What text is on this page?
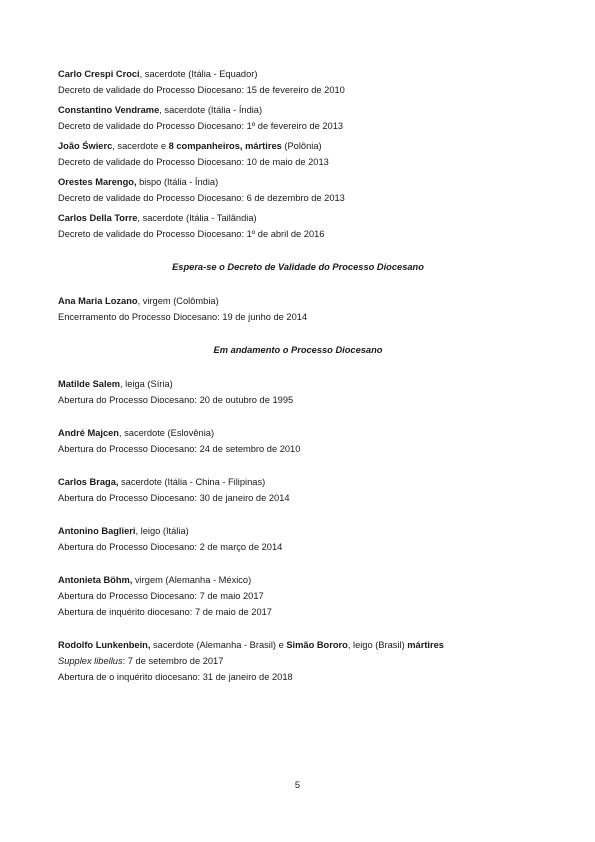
Carlo Crespi Croci, sacerdote (Itália - Equador)
Decreto de validade do Processo Diocesano: 15 de fevereiro de 2010
Constantino Vendrame, sacerdote (Itália - Índia)
Decreto de validade do Processo Diocesano: 1º de fevereiro de 2013
João Świerc, sacerdote e 8 companheiros, mártires (Polônia)
Decreto de validade do Processo Diocesano: 10 de maio de 2013
Orestes Marengo, bispo (Itália - Índia)
Decreto de validade do Processo Diocesano: 6 de dezembro de 2013
Carlos Della Torre, sacerdote (Itália - Tailândia)
Decreto de validade do Processo Diocesano: 1º de abril de 2016
Espera-se o Decreto de Validade do Processo Diocesano
Ana Maria Lozano, virgem (Colômbia)
Encerramento do Processo Diocesano: 19 de junho de 2014
Em andamento o Processo Diocesano
Matilde Salem, leiga (Síria)
Abertura do Processo Diocesano: 20 de outubro de 1995
André Majcen, sacerdote (Eslovênia)
Abertura do Processo Diocesano: 24 de setembro de 2010
Carlos Braga, sacerdote (Itália - China - Filipinas)
Abertura do Processo Diocesano: 30 de janeiro de 2014
Antonino Baglieri, leigo (Itália)
Abertura do Processo Diocesano: 2 de março de 2014
Antonieta Böhm, virgem (Alemanha - México)
Abertura do Processo Diocesano: 7 de maio 2017
Abertura de inquérito diocesano: 7 de maio de 2017
Rodolfo Lunkenbein, sacerdote (Alemanha - Brasil) e Simão Bororo, leigo (Brasil) mártires
Supplex libellus: 7 de setembro de 2017
Abertura de o inquérito diocesano: 31 de janeiro de 2018
5
